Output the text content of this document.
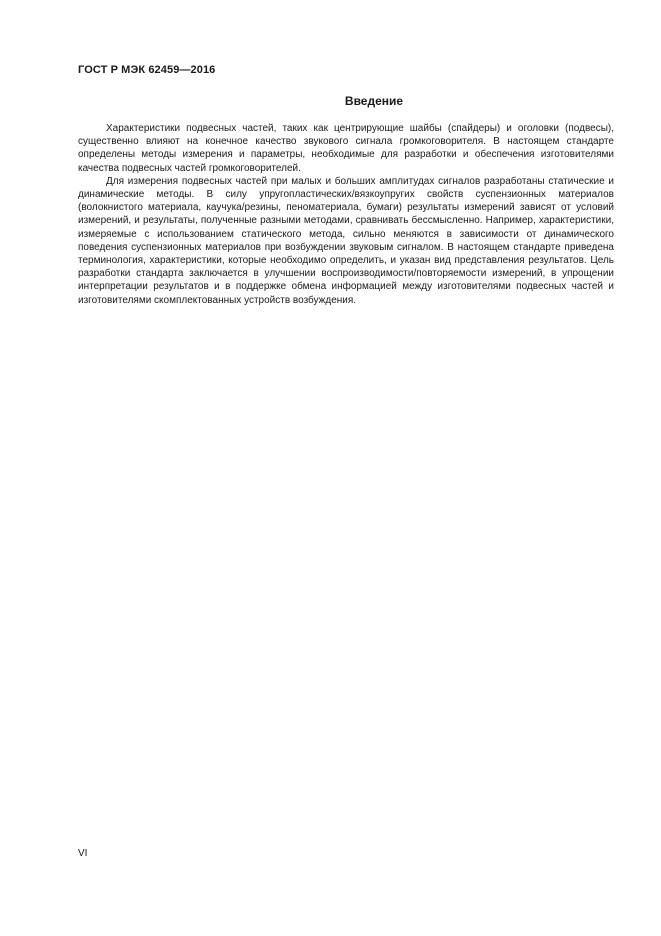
ГОСТ Р МЭК 62459—2016
Введение

Характеристики подвесных частей, таких как центрирующие шайбы (спайдеры) и оголовки (подвесы), существенно влияют на конечное качество звукового сигнала громкоговорителя. В настоящем стандарте определены методы измерения и параметры, необходимые для разработки и обеспечения изготовителями качества подвесных частей громкоговорителей.

Для измерения подвесных частей при малых и больших амплитудах сигналов разработаны статические и динамические методы. В силу упругопластических/вязкоупругих свойств суспензионных материалов (волокнистого материала, каучука/резины, пеноматериала, бумаги) результаты измерений зависят от условий измерений, и результаты, полученные разными методами, сравнивать бессмысленно. Например, характеристики, измеряемые с использованием статического метода, сильно меняются в зависимости от динамического поведения суспензионных материалов при возбуждении звуковым сигналом. В настоящем стандарте приведена терминология, характеристики, которые необходимо определить, и указан вид представления результатов. Цель разработки стандарта заключается в улучшении воспроизводимости/повторяемости измерений, в упрощении интерпретации результатов и в поддержке обмена информацией между изготовителями подвесных частей и изготовителями скомплектованных устройств возбуждения.

VI
